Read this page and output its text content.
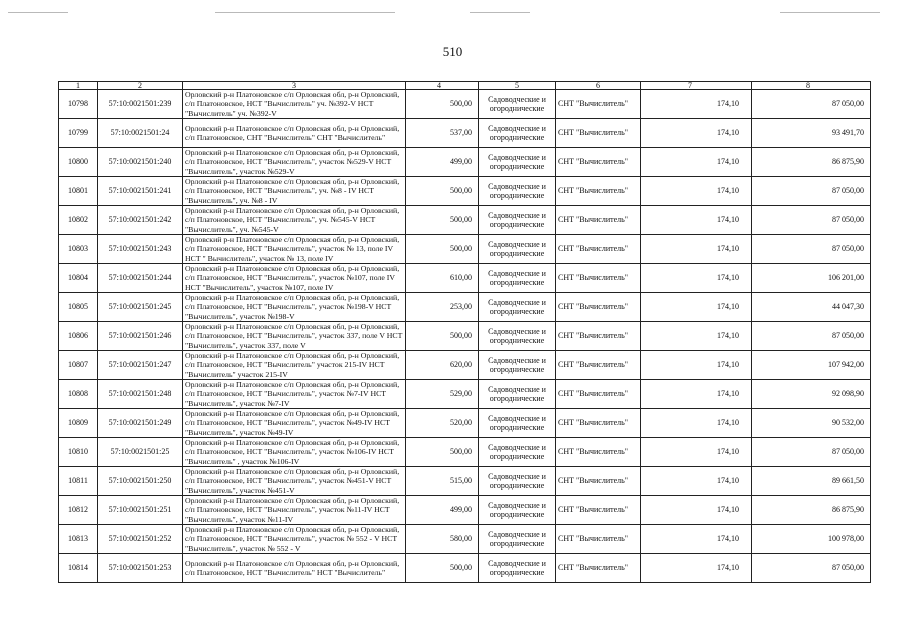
510
1	2	3	4	5	6	7	8
10798	57:10:0021501:239	Орловский р-н Платоновское с/п Орловская обл, р-н Орловский, с/п Платоновское, НСТ "Вычислитель" уч. №392-V НСТ "Вычислитель" уч. №392-V	500,00	Садоводческие и огороднические	СНТ "Вычислитель"	174,10	87 050,00
10799	57:10:0021501:24	Орловский р-н Платоновское с/п Орловская обл, р-н Орловский, с/п Платоновское, СНТ "Вычислитель" СНТ "Вычислитель"	537,00	Садоводческие и огороднические	СНТ "Вычислитель"	174,10	93 491,70
10800	57:10:0021501:240	Орловский р-н Платоновское с/п Орловская обл, р-н Орловский, с/п Платоновское, НСТ "Вычислитель", участок №529-V НСТ "Вычислитель", участок №529-V	499,00	Садоводческие и огороднические	СНТ "Вычислитель"	174,10	86 875,90
10801	57:10:0021501:241	Орловский р-н Платоновское с/п Орловская обл, р-н Орловский, с/п Платоновское, НСТ "Вычислитель", уч. №8 - IV НСТ "Вычислитель", уч. №8 - IV	500,00	Садоводческие и огороднические	СНТ "Вычислитель"	174,10	87 050,00
10802	57:10:0021501:242	Орловский р-н Платоновское с/п Орловская обл, р-н Орловский, с/п Платоновское, НСТ "Вычислитель", уч. №545-V НСТ "Вычислитель", уч. №545-V	500,00	Садоводческие и огороднические	СНТ "Вычислитель"	174,10	87 050,00
10803	57:10:0021501:243	Орловский р-н Платоновское с/п Орловская обл, р-н Орловский, с/п Платоновское, НСТ "Вычислитель", участок № 13, поле IV НСТ " Вычислитель", участок № 13, поле IV	500,00	Садоводческие и огороднические	СНТ "Вычислитель"	174,10	87 050,00
10804	57:10:0021501:244	Орловский р-н Платоновское с/п Орловская обл, р-н Орловский, с/п Платоновское, НСТ "Вычислитель", участок №107, поле IV НСТ "Вычислитель", участок №107, поле IV	610,00	Садоводческие и огороднические	СНТ "Вычислитель"	174,10	106 201,00
10805	57:10:0021501:245	Орловский р-н Платоновское с/п Орловская обл, р-н Орловский, с/п Платоновское, НСТ "Вычислитель", участок №198-V НСТ "Вычислитель", участок №198-V	253,00	Садоводческие и огороднические	СНТ "Вычислитель"	174,10	44 047,30
10806	57:10:0021501:246	Орловский р-н Платоновское с/п Орловская обл, р-н Орловский, с/п Платоновское, НСТ "Вычислитель", участок 337, поле V НСТ "Вычислитель", участок 337, поле V	500,00	Садоводческие и огороднические	СНТ "Вычислитель"	174,10	87 050,00
10807	57:10:0021501:247	Орловский р-н Платоновское с/п Орловская обл, р-н Орловский, с/п Платоновское, НСТ "Вычислитель" участок 215-IV НСТ "Вычислитель" участок 215-IV	620,00	Садоводческие и огороднические	СНТ "Вычислитель"	174,10	107 942,00
10808	57:10:0021501:248	Орловский р-н Платоновское с/п Орловская обл, р-н Орловский, с/п Платоновское, НСТ "Вычислитель", участок №7-IV НСТ "Вычислитель", участок №7-IV	529,00	Садоводческие и огороднические	СНТ "Вычислитель"	174,10	92 098,90
10809	57:10:0021501:249	Орловский р-н Платоновское с/п Орловская обл, р-н Орловский, с/п Платоновское, НСТ "Вычислитель", участок №49-IV НСТ "Вычислитель", участок №49-IV	520,00	Садоводческие и огороднические	СНТ "Вычислитель"	174,10	90 532,00
10810	57:10:0021501:25	Орловский р-н Платоновское с/п Орловская обл, р-н Орловский, с/п Платоновское, НСТ "Вычислитель", участок №106-IV НСТ "Вычислитель" , участок №106-IV	500,00	Садоводческие и огороднические	СНТ "Вычислитель"	174,10	87 050,00
10811	57:10:0021501:250	Орловский р-н Платоновское с/п Орловская обл, р-н Орловский, с/п Платоновское, НСТ "Вычислитель", участок №451-V НСТ "Вычислитель", участок №451-V	515,00	Садоводческие и огороднические	СНТ "Вычислитель"	174,10	89 661,50
10812	57:10:0021501:251	Орловский р-н Платоновское с/п Орловская обл, р-н Орловский, с/п Платоновское, НСТ "Вычислитель", участок №11-IV НСТ "Вычислитель", участок №11-IV	499,00	Садоводческие и огороднические	СНТ "Вычислитель"	174,10	86 875,90
10813	57:10:0021501:252	Орловский р-н Платоновское с/п Орловская обл, р-н Орловский, с/п Платоновское, НСТ "Вычислитель", участок № 552 - V НСТ "Вычислитель", участок № 552 - V	580,00	Садоводческие и огороднические	СНТ "Вычислитель"	174,10	100 978,00
10814	57:10:0021501:253	Орловский р-н Платоновское с/п Орловская обл, р-н Орловский, с/п Платоновское, НСТ "Вычислитель" НСТ "Вычислитель"	500,00	Садоводческие и огороднические	СНТ "Вычислитель"	174,10	87 050,00
